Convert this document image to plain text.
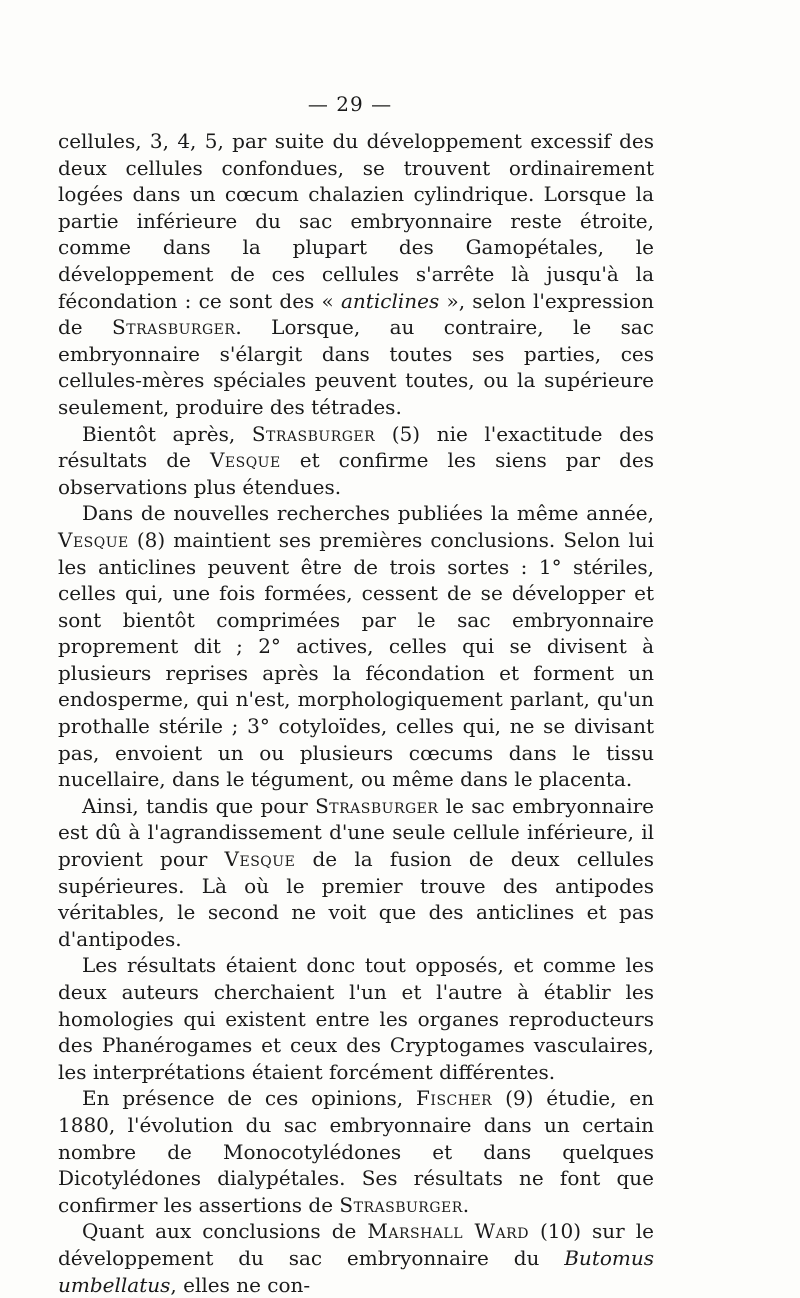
— 29 —

cellules, 3, 4, 5, par suite du développement excessif des deux cellules confondues, se trouvent ordinairement logées dans un cœcum chalazien cylindrique. Lorsque la partie inférieure du sac embryonnaire reste étroite, comme dans la plupart des Gamopétales, le développement de ces cellules s'arrête là jusqu'à la fécondation : ce sont des « anticlines », selon l'expression de Strasburger. Lorsque, au contraire, le sac embryonnaire s'élargit dans toutes ses parties, ces cellules-mères spéciales peuvent toutes, ou la supérieure seulement, produire des tétrades.

Bientôt après, Strasburger (5) nie l'exactitude des résultats de Vesque et confirme les siens par des observations plus étendues.

Dans de nouvelles recherches publiées la même année, Vesque (8) maintient ses premières conclusions. Selon lui les anticlines peuvent être de trois sortes : 1° stériles, celles qui, une fois formées, cessent de se développer et sont bientôt comprimées par le sac embryonnaire proprement dit ; 2° actives, celles qui se divisent à plusieurs reprises après la fécondation et forment un endosperme, qui n'est, morphologiquement parlant, qu'un prothalle stérile ; 3° cotyloïdes, celles qui, ne se divisant pas, envoient un ou plusieurs cœcums dans le tissu nucellaire, dans le tégument, ou même dans le placenta.

Ainsi, tandis que pour Strasburger le sac embryonnaire est dû à l'agrandissement d'une seule cellule inférieure, il provient pour Vesque de la fusion de deux cellules supérieures. Là où le premier trouve des antipodes véritables, le second ne voit que des anticlines et pas d'antipodes.

Les résultats étaient donc tout opposés, et comme les deux auteurs cherchaient l'un et l'autre à établir les homologies qui existent entre les organes reproducteurs des Phanérogames et ceux des Cryptogames vasculaires, les interprétations étaient forcément différentes.

En présence de ces opinions, Fischer (9) étudie, en 1880, l'évolution du sac embryonnaire dans un certain nombre de Monocotylédones et dans quelques Dicotylédones dialypétales. Ses résultats ne font que confirmer les assertions de Strasburger.

Quant aux conclusions de Marshall Ward (10) sur le développement du sac embryonnaire du Butomus umbellatus, elles ne con-
